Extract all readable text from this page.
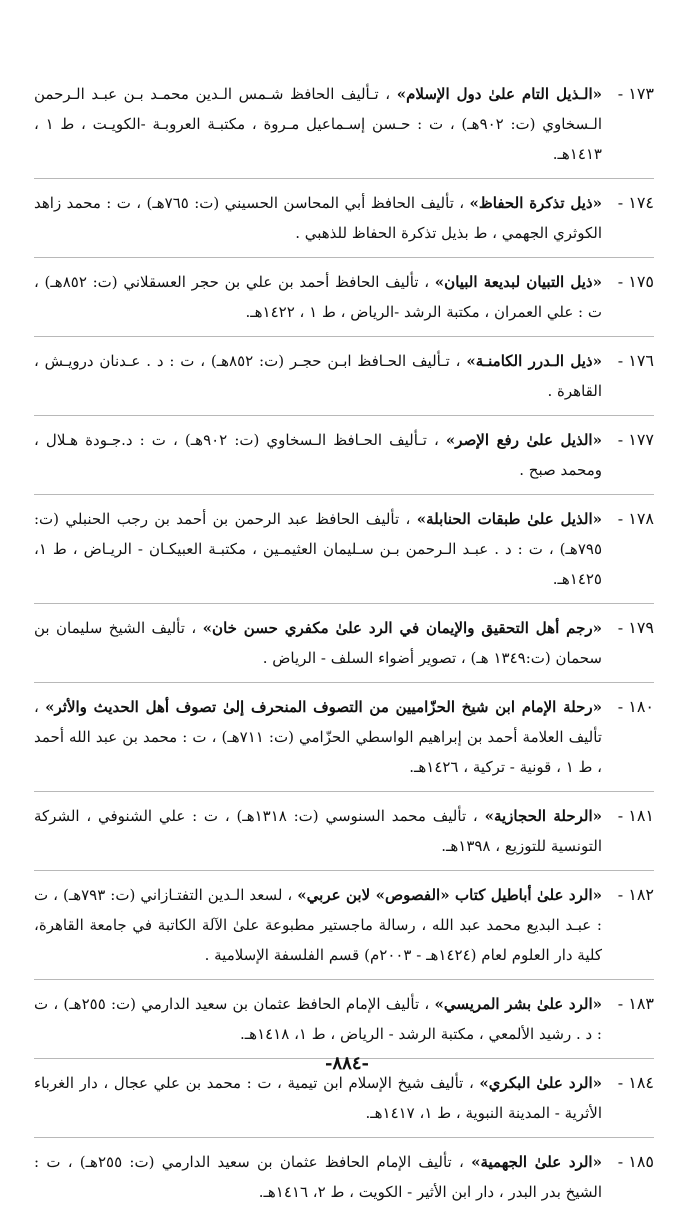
١٧٣ -
«الـذيل التام علىٰ دول الإسلام» ، تـأليف الحافظ شـمس الـدين محمـد بـن عبـد الـرحمن الـسخاوي (ت: ٩٠٢هـ) ، ت : حـسن إسـماعيل مـروة ، مكتبـة العروبـة -الكويـت ، ط ١ ، ١٤١٣هـ.
١٧٤ -
«ذيل تذكرة الحفاظ» ، تأليف الحافظ أبي المحاسن الحسيني (ت: ٧٦٥هـ) ، ت : محمد زاهد الكوثري الجهمي ، ط بذيل تذكرة الحفاظ للذهبي .
١٧٥ -
«ذيل التبيان لبديعة البيان» ، تأليف الحافظ أحمد بن علي بن حجر العسقلاني (ت: ٨٥٢هـ) ، ت : علي العمران ، مكتبة الرشد -الرياض ، ط ١ ، ١٤٢٢هـ.
١٧٦ -
«ذيل الـدرر الكامنـة» ، تـأليف الحـافظ ابـن حجـر (ت: ٨٥٢هـ) ، ت : د . عـدنان درويـش ، القاهرة .
١٧٧ -
«الذيل علىٰ رفع الإصر» ، تـأليف الحـافظ الـسخاوي (ت: ٩٠٢هـ) ، ت : د.جـودة هـلال ، ومحمد صبح .
١٧٨ -
«الذيل علىٰ طبقات الحنابلة» ، تأليف الحافظ عبد الرحمن بن أحمد بن رجب الحنبلي (ت: ٧٩٥هـ) ، ت : د . عبـد الـرحمن بـن سـليمان العثيمـين ، مكتبـة العبيكـان - الريـاض ، ط ١، ١٤٢٥هـ.
١٧٩ -
«رجم أهل التحقيق والإيمان في الرد علىٰ مكفري حسن خان» ، تأليف الشيخ سليمان بن سحمان (ت:١٣٤٩ هـ) ، تصوير أضواء السلف - الرياض .
١٨٠ -
«رحلة الإمام ابن شيخ الحزّاميين من التصوف المنحرف إلىٰ تصوف أهل الحديث والأثر» ، تأليف العلامة أحمد بن إبراهيم الواسطي الحزّامي (ت: ٧١١هـ) ، ت : محمد بن عبد الله أحمد ، ط ١ ، قونية - تركية ، ١٤٢٦هـ.
١٨١ -
«الرحلة الحجازية» ، تأليف محمد السنوسي (ت: ١٣١٨هـ) ، ت : علي الشنوفي ، الشركة التونسية للتوزيع ، ١٣٩٨هـ.
١٨٢ -
«الرد علىٰ أباطيل كتاب «الفصوص» لابن عربي» ، لسعد الـدين التفتـازاني (ت: ٧٩٣هـ) ، ت : عبـد البديع محمد عبد الله ، رسالة ماجستير مطبوعة علىٰ الآلة الكاتبة في جامعة القاهرة، كلية دار العلوم لعام (١٤٢٤هـ - ٢٠٠٣م) قسم الفلسفة الإسلامية .
١٨٣ -
«الرد علىٰ بشر المريسي» ، تأليف الإمام الحافظ عثمان بن سعيد الدارمي (ت: ٢٥٥هـ) ، ت : د . رشيد الألمعي ، مكتبة الرشد - الرياض ، ط ١، ١٤١٨هـ.
١٨٤ -
«الرد علىٰ البكري» ، تأليف شيخ الإسلام ابن تيمية ، ت : محمد بن علي عجال ، دار الغرباء الأثرية - المدينة النبوية ، ط ١، ١٤١٧هـ.
١٨٥ -
«الرد علىٰ الجهمية» ، تأليف الإمام الحافظ عثمان بن سعيد الدارمي (ت: ٢٥٥هـ) ، ت : الشيخ بدر البدر ، دار ابن الأثير - الكويت ، ط ٢، ١٤١٦هـ.
-٨٨٤-
